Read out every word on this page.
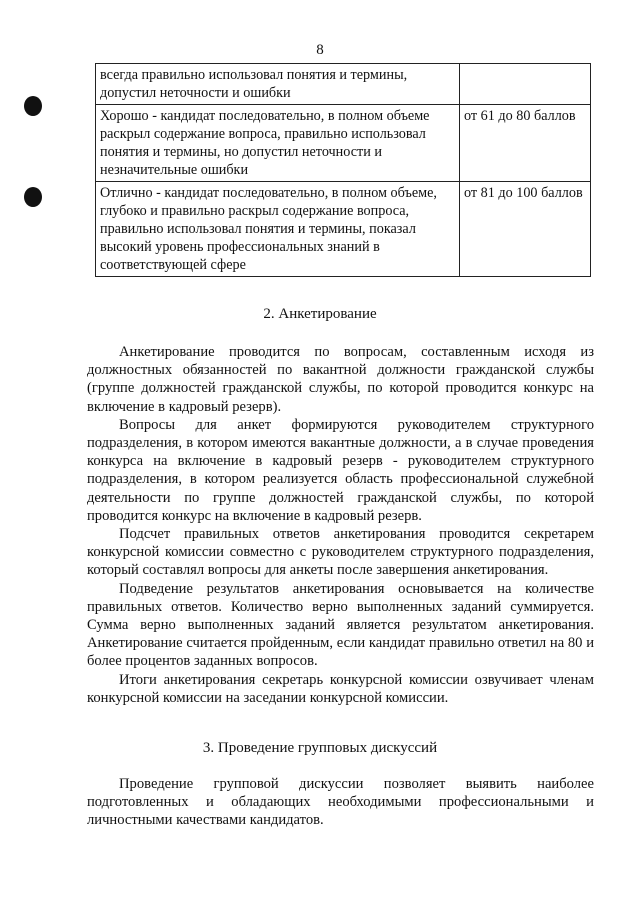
8
всегда правильно использовал понятия и термины, допустил неточности и ошибки	
Хорошо - кандидат последовательно, в полном объеме раскрыл содержание вопроса, правильно использовал понятия и термины, но допустил неточности и незначительные ошибки	от 61 до 80 баллов
Отлично - кандидат последовательно, в полном объеме, глубоко и правильно раскрыл содержание вопроса, правильно использовал понятия и термины, показал высокий уровень профессиональных знаний в соответствующей сфере	от 81 до 100 баллов
2. Анкетирование

Анкетирование проводится по вопросам, составленным исходя из должностных обязанностей по вакантной должности гражданской службы (группе должностей гражданской службы, по которой проводится конкурс на включение в кадровый резерв).

Вопросы для анкет формируются руководителем структурного подразделения, в котором имеются вакантные должности, а в случае проведения конкурса на включение в кадровый резерв - руководителем структурного подразделения, в котором реализуется область профессиональной служебной деятельности по группе должностей гражданской службы, по которой проводится конкурс на включение в кадровый резерв.

Подсчет правильных ответов анкетирования проводится секретарем конкурсной комиссии совместно с руководителем структурного подразделения, который составлял вопросы для анкеты после завершения анкетирования.

Подведение результатов анкетирования основывается на количестве правильных ответов. Количество верно выполненных заданий суммируется. Сумма верно выполненных заданий является результатом анкетирования. Анкетирование считается пройденным, если кандидат правильно ответил на 80 и более процентов заданных вопросов.

Итоги анкетирования секретарь конкурсной комиссии озвучивает членам конкурсной комиссии на заседании конкурсной комиссии.

3. Проведение групповых дискуссий

Проведение групповой дискуссии позволяет выявить наиболее подготовленных и обладающих необходимыми профессиональными и личностными качествами кандидатов.
